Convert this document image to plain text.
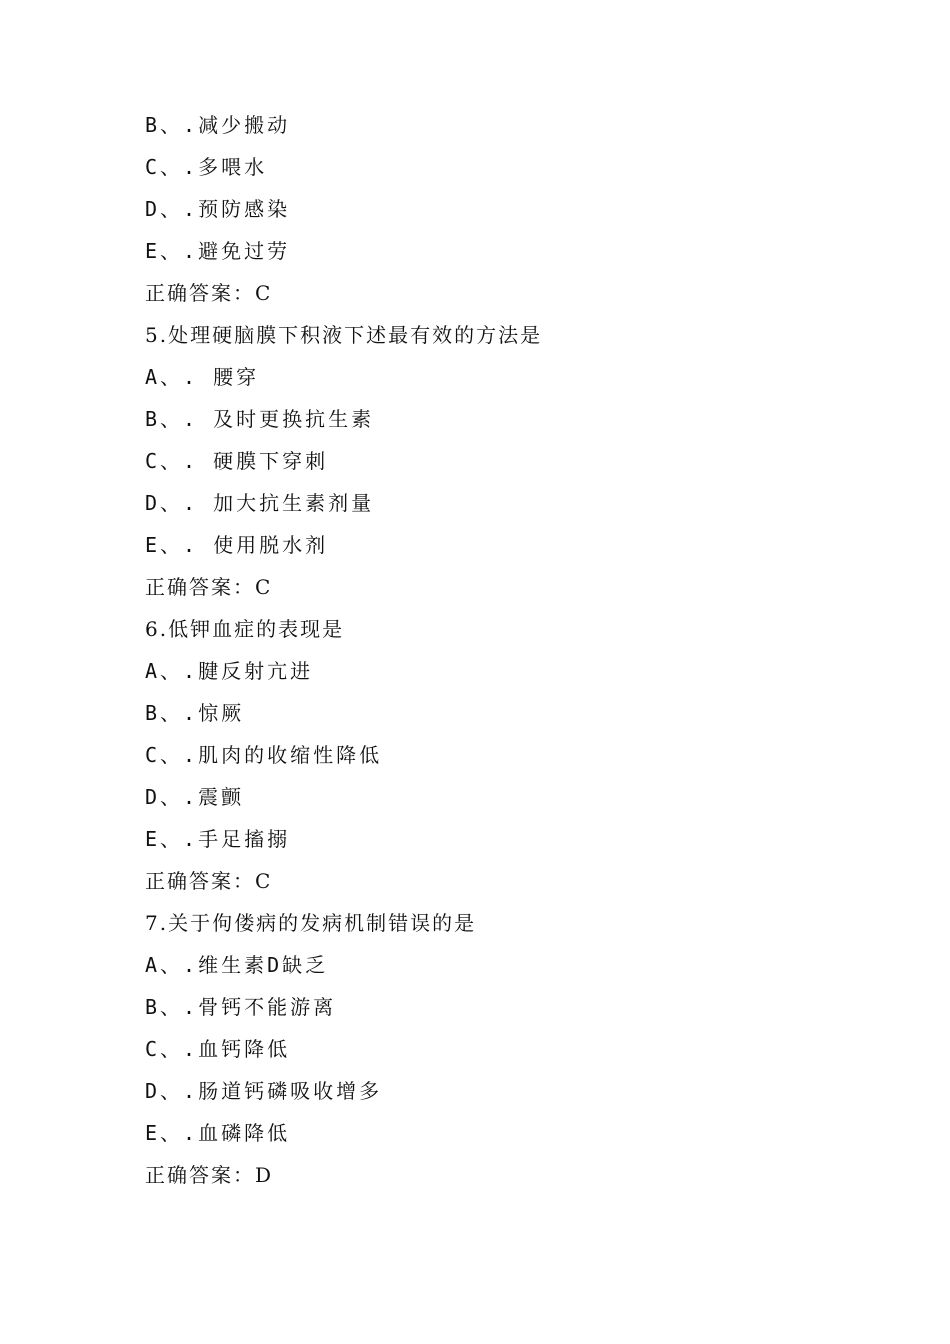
B、.减少搬动
C、.多喂水
D、.预防感染
E、.避免过劳
正确答案：C
5.处理硬脑膜下积液下述最有效的方法是
A、. 腰穿
B、. 及时更换抗生素
C、. 硬膜下穿刺
D、. 加大抗生素剂量
E、. 使用脱水剂
正确答案：C
6.低钾血症的表现是
A、.腱反射亢进
B、.惊厥
C、.肌肉的收缩性降低
D、.震颤
E、.手足搐搦
正确答案：C
7.关于佝偻病的发病机制错误的是
A、.维生素D缺乏
B、.骨钙不能游离
C、.血钙降低
D、.肠道钙磷吸收增多
E、.血磷降低
正确答案：D
